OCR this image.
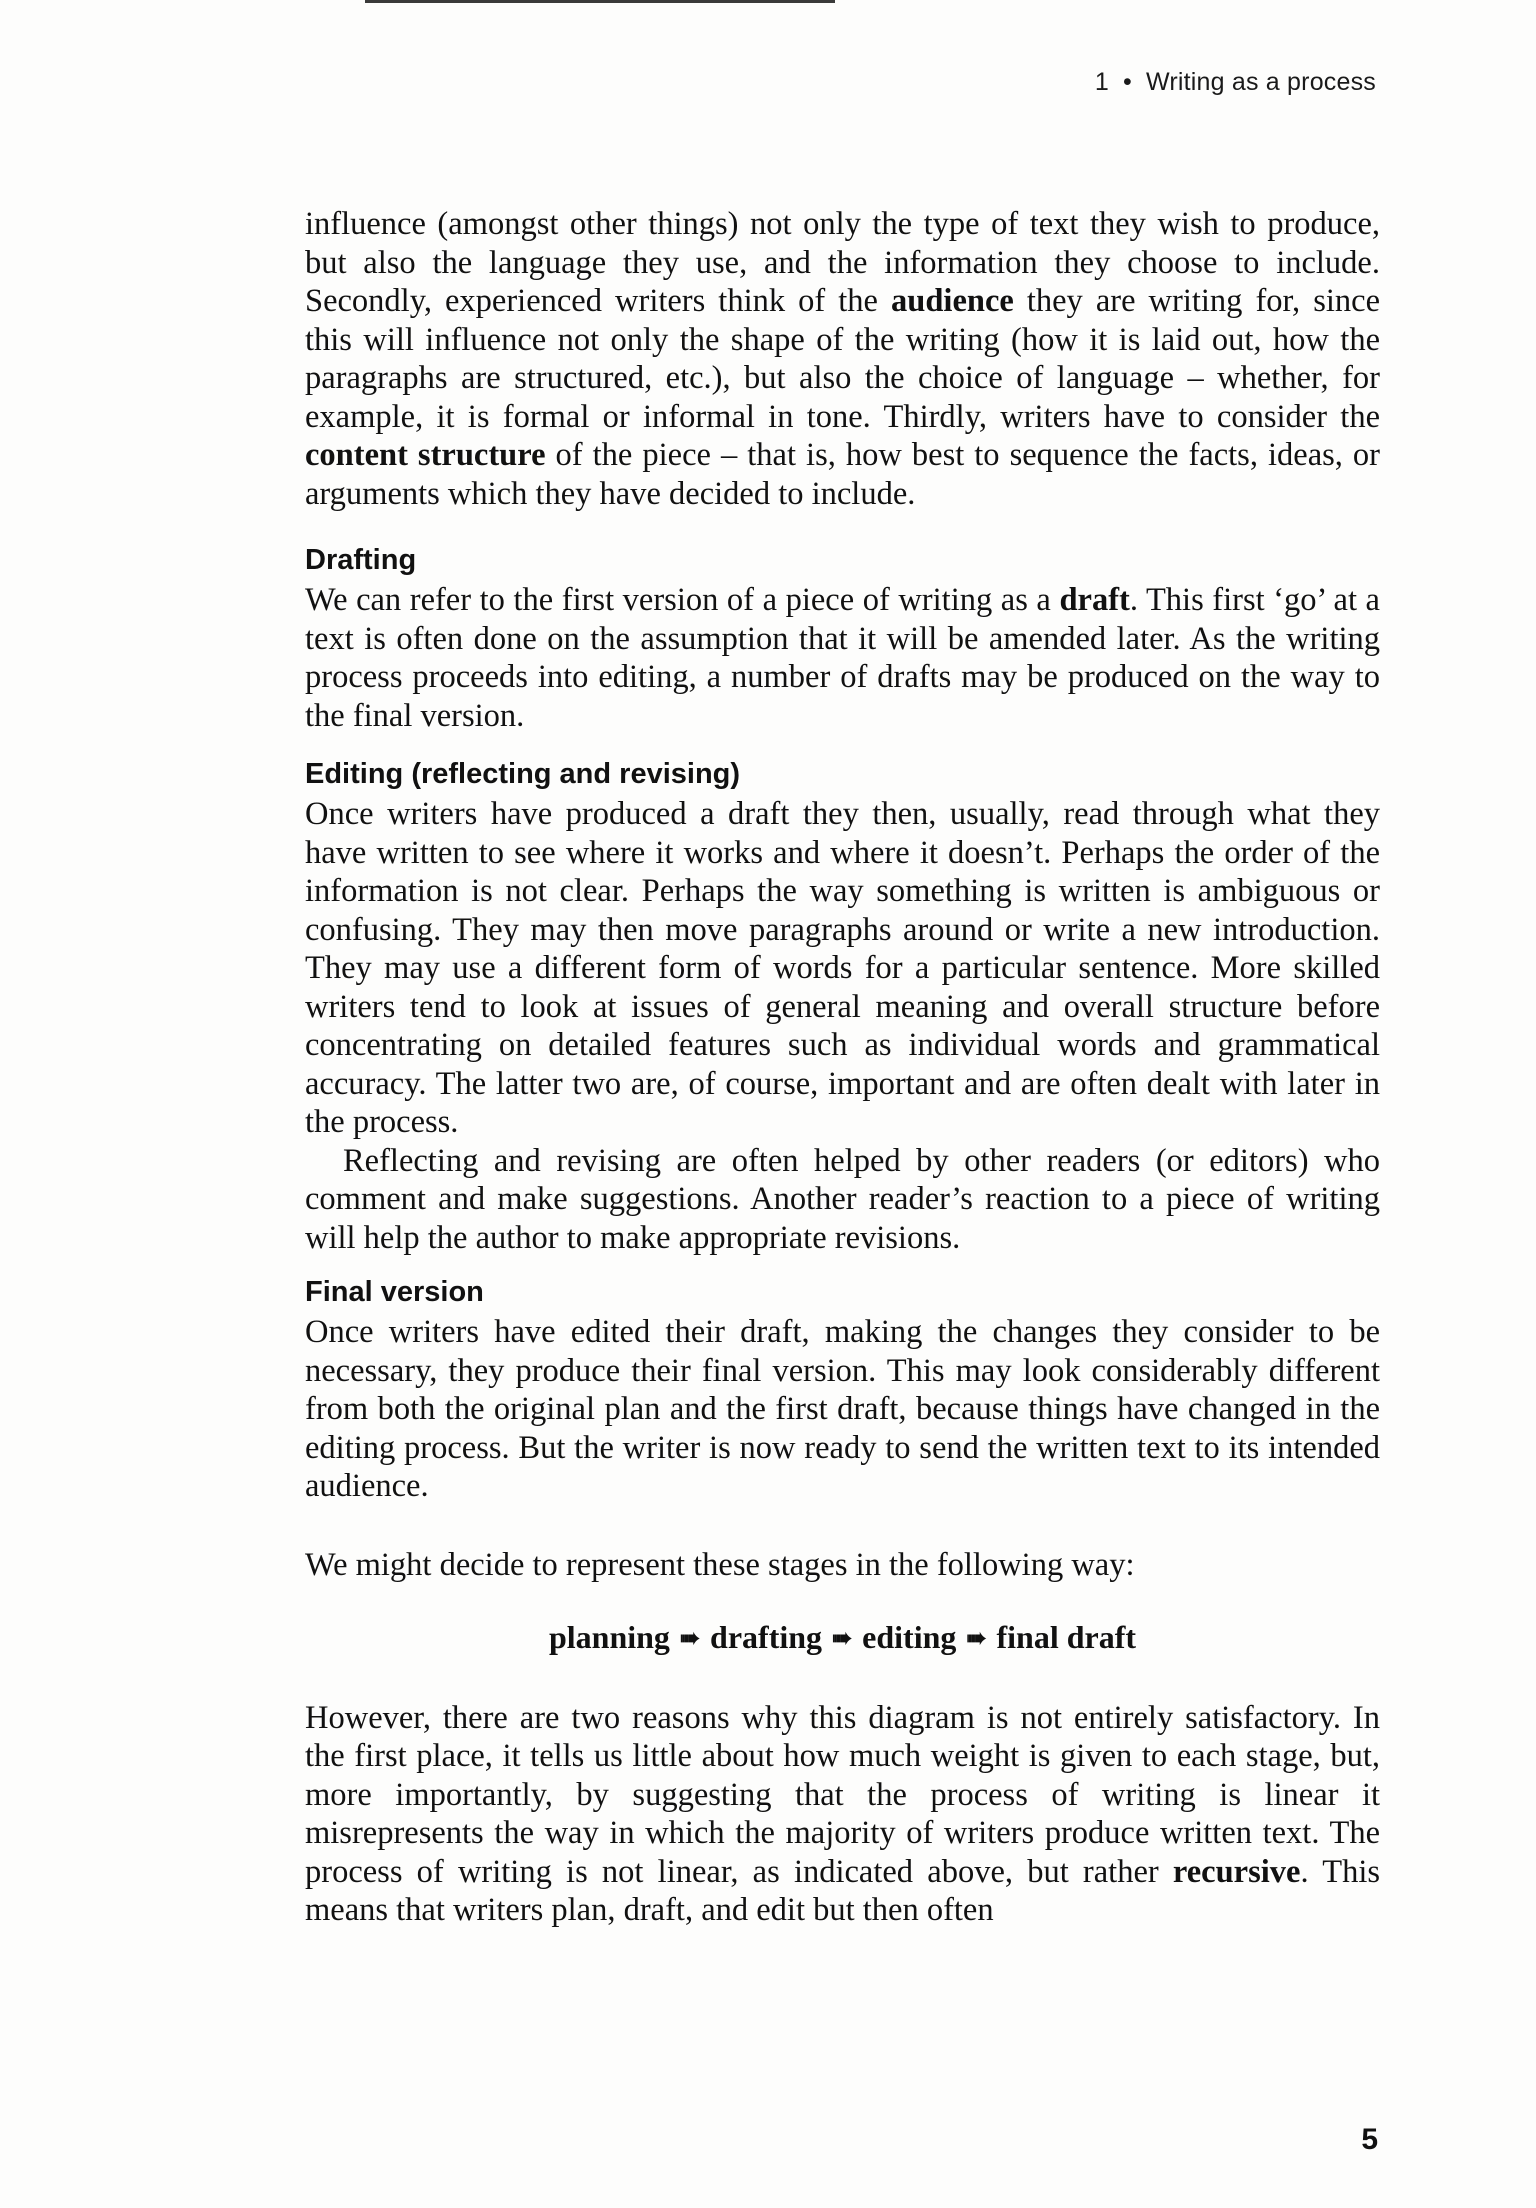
1 • Writing as a process

influence (amongst other things) not only the type of text they wish to produce, but also the language they use, and the information they choose to include. Secondly, experienced writers think of the audience they are writing for, since this will influence not only the shape of the writing (how it is laid out, how the paragraphs are structured, etc.), but also the choice of language – whether, for example, it is formal or informal in tone. Thirdly, writers have to consider the content structure of the piece – that is, how best to sequence the facts, ideas, or arguments which they have decided to include.

Drafting

We can refer to the first version of a piece of writing as a draft. This first ‘go’ at a text is often done on the assumption that it will be amended later. As the writing process proceeds into editing, a number of drafts may be produced on the way to the final version.

Editing (reflecting and revising)

Once writers have produced a draft they then, usually, read through what they have written to see where it works and where it doesn’t. Perhaps the order of the information is not clear. Perhaps the way something is written is ambiguous or confusing. They may then move paragraphs around or write a new introduction. They may use a different form of words for a particular sentence. More skilled writers tend to look at issues of general meaning and overall structure before concentrating on detailed features such as individual words and grammatical accuracy. The latter two are, of course, important and are often dealt with later in the process.

Reflecting and revising are often helped by other readers (or editors) who comment and make suggestions. Another reader’s reaction to a piece of writing will help the author to make appropriate revisions.

Final version

Once writers have edited their draft, making the changes they consider to be necessary, they produce their final version. This may look considerably different from both the original plan and the first draft, because things have changed in the editing process. But the writer is now ready to send the written text to its intended audience.

We might decide to represent these stages in the following way:

planning ➠ drafting ➠ editing ➠ final draft

However, there are two reasons why this diagram is not entirely satisfactory. In the first place, it tells us little about how much weight is given to each stage, but, more importantly, by suggesting that the process of writing is linear it misrepresents the way in which the majority of writers produce written text. The process of writing is not linear, as indicated above, but rather recursive. This means that writers plan, draft, and edit but then often

5
